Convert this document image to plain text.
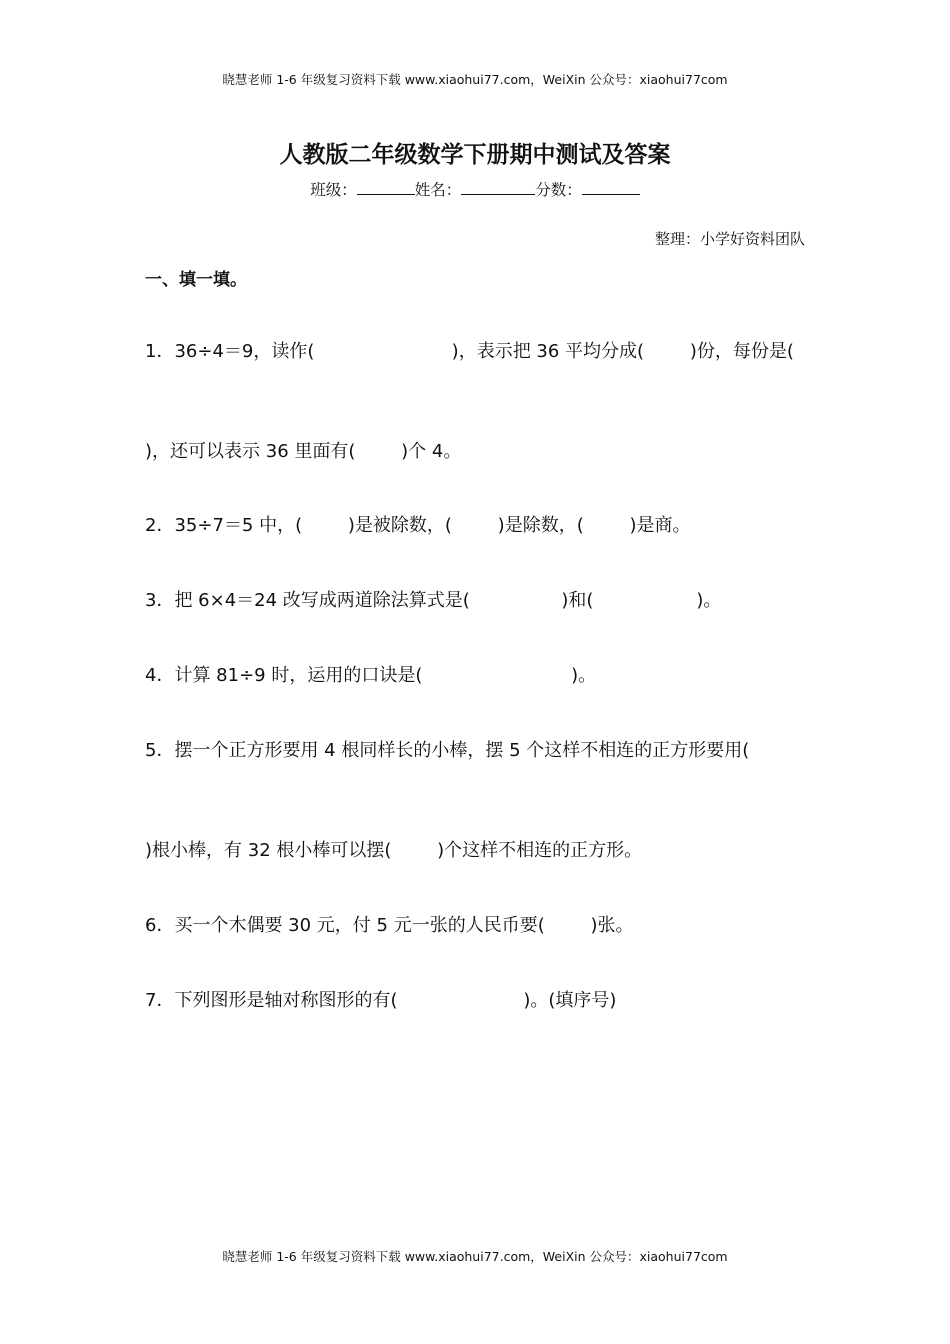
晓慧老师 1-6 年级复习资料下载 www.xiaohui77.com，WeiXin 公众号：xiaohui77com
人教版二年级数学下册期中测试及答案
班级：	姓名：	分数：
整理：小学好资料团队
一、填一填。
1．36÷4＝9，读作(                        )，表示把 36 平均分成(        )份，每份是(
)，还可以表示 36 里面有(        )个 4。
2．35÷7＝5 中，(        )是被除数，(        )是除数，(        )是商。
3．把 6×4＝24 改写成两道除法算式是(                )和(                  )。
4．计算 81÷9 时，运用的口诀是(                          )。
5．摆一个正方形要用 4 根同样长的小棒，摆 5 个这样不相连的正方形要用(
)根小棒，有 32 根小棒可以摆(        )个这样不相连的正方形。
6．买一个木偶要 30 元，付 5 元一张的人民币要(        )张。
7．下列图形是轴对称图形的有(                      )。(填序号)
晓慧老师 1-6 年级复习资料下载 www.xiaohui77.com，WeiXin 公众号：xiaohui77com
